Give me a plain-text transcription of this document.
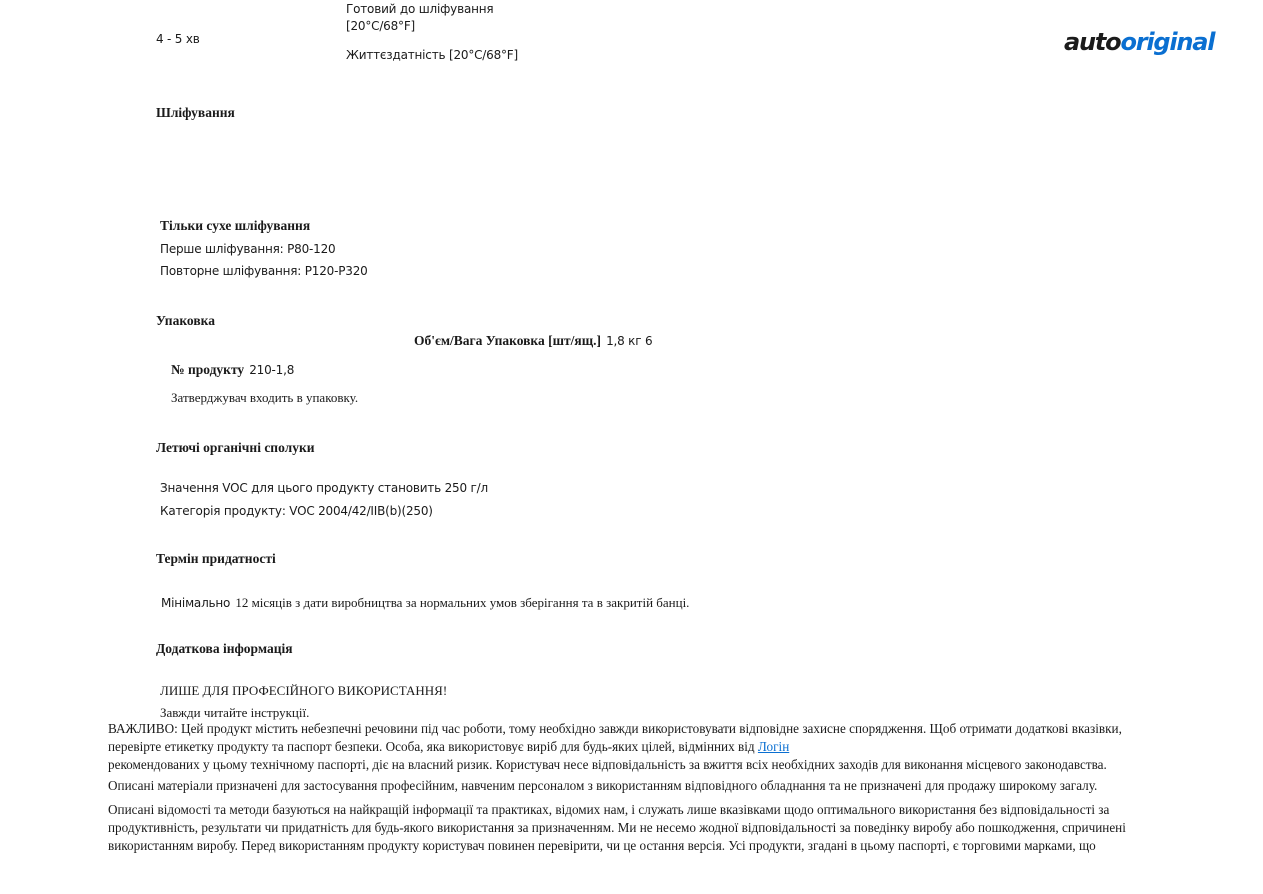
autooriginal
Готовий до шліфування
[20°C/68°F]
4 - 5 хв
Життєздатність [20°C/68°F]
Шліфування
Тільки сухе шліфування
Перше шліфування: P80-120
Повторне шліфування: P120-P320
Упаковка
Об'єм/Вага Упаковка [шт/ящ.] 1,8 кг 6
№ продукту 210-1,8
Затверджувач входить в упаковку.
Летючі органічні сполуки
Значення VOC для цього продукту становить 250 г/л
Категорія продукту: VOC 2004/42/IIB(b)(250)
Термін придатності
Мінімально 12 місяців з дати виробництва за нормальних умов зберігання та в закритій банці.
Додаткова інформація
ЛИШЕ ДЛЯ ПРОФЕСІЙНОГО ВИКОРИСТАННЯ!
Завжди читайте інструкції.

ВАЖЛИВО: Цей продукт містить небезпечні речовини під час роботи, тому необхідно завжди використовувати відповідне захисне спорядження. Щоб отримати додаткові вказівки, перевірте етикетку продукту та паспорт безпеки. Особа, яка використовує виріб для будь-яких цілей, відмінних від Логін
рекомендованих у цьому технічному паспорті, діє на власний ризик. Користувач несе відповідальність за вжиття всіх необхідних заходів для виконання місцевого законодавства.

Описані матеріали призначені для застосування професійним, навченим персоналом з використанням відповідного обладнання та не призначені для продажу широкому загалу.

Описані відомості та методи базуються на найкращій інформації та практиках, відомих нам, і служать лише вказівками щодо оптимального використання без відповідальності за продуктивність, результати чи придатність для будь-якого використання за призначенням. Ми не несемо жодної відповідальності за поведінку виробу або пошкодження, спричинені використанням виробу. Перед використанням продукту користувач повинен перевірити, чи це остання версія. Усі продукти, згадані в цьому паспорті, є торговими марками, що
